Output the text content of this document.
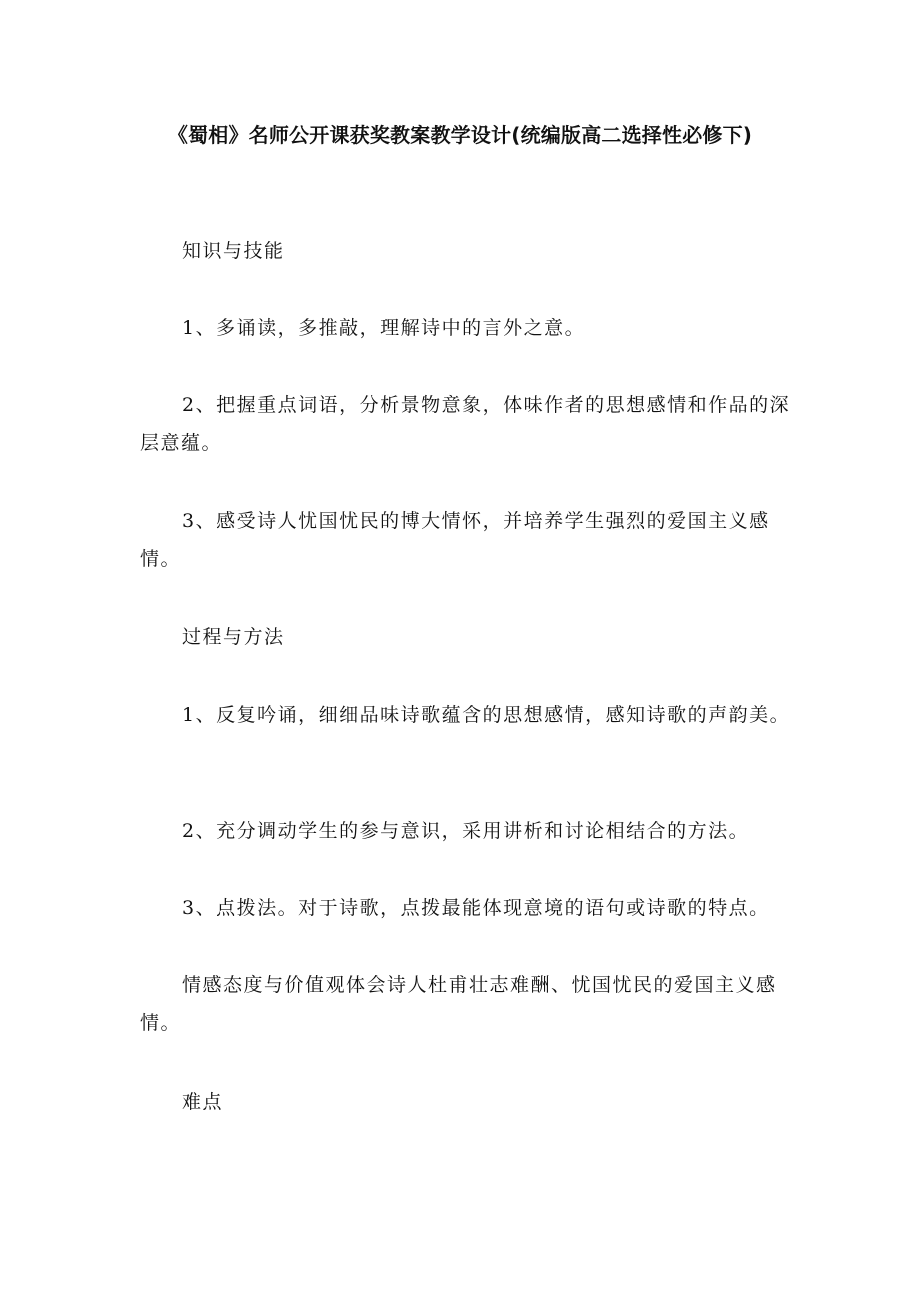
《蜀相》名师公开课获奖教案教学设计(统编版高二选择性必修下)

知识与技能

1、多诵读，多推敲，理解诗中的言外之意。

2、把握重点词语，分析景物意象，体味作者的思想感情和作品的深层意蕴。

3、感受诗人忧国忧民的博大情怀，并培养学生强烈的爱国主义感情。

过程与方法

1、反复吟诵，细细品味诗歌蕴含的思想感情，感知诗歌的声韵美。

2、充分调动学生的参与意识，采用讲析和讨论相结合的方法。

3、点拨法。对于诗歌，点拨最能体现意境的语句或诗歌的特点。

情感态度与价值观体会诗人杜甫壮志难酬、忧国忧民的爱国主义感情。

难点
